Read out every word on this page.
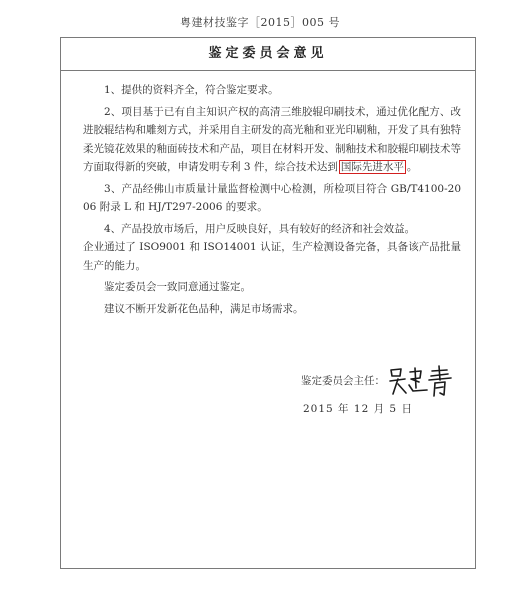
粤建材技鉴字［2015］005 号
鉴定委员会意见

1、提供的资料齐全，符合鉴定要求。

2、项目基于已有自主知识产权的高清三维胶辊印刷技术，通过优化配方、改进胶辊结构和雕刻方式，并采用自主研发的高光釉和亚光印刷釉，开发了具有独特柔光镜花效果的釉面砖技术和产品，项目在材料开发、制釉技术和胶辊印刷技术等方面取得新的突破，申请发明专利 3 件，综合技术达到 国际先进水平 。

3、产品经佛山市质量计量监督检测中心检测，所检项目符合 GB/T4100-2006 附录 L 和 HJ/T297-2006 的要求。

4、产品投放市场后，用户反映良好，具有较好的经济和社会效益。

企业通过了 ISO9001 和 ISO14001 认证，生产检测设备完备，具备该产品批量生产的能力。

鉴定委员会一致同意通过鉴定。

建议不断开发新花色品种，满足市场需求。

鉴定委员会主任：
2015 年 12 月 5 日
